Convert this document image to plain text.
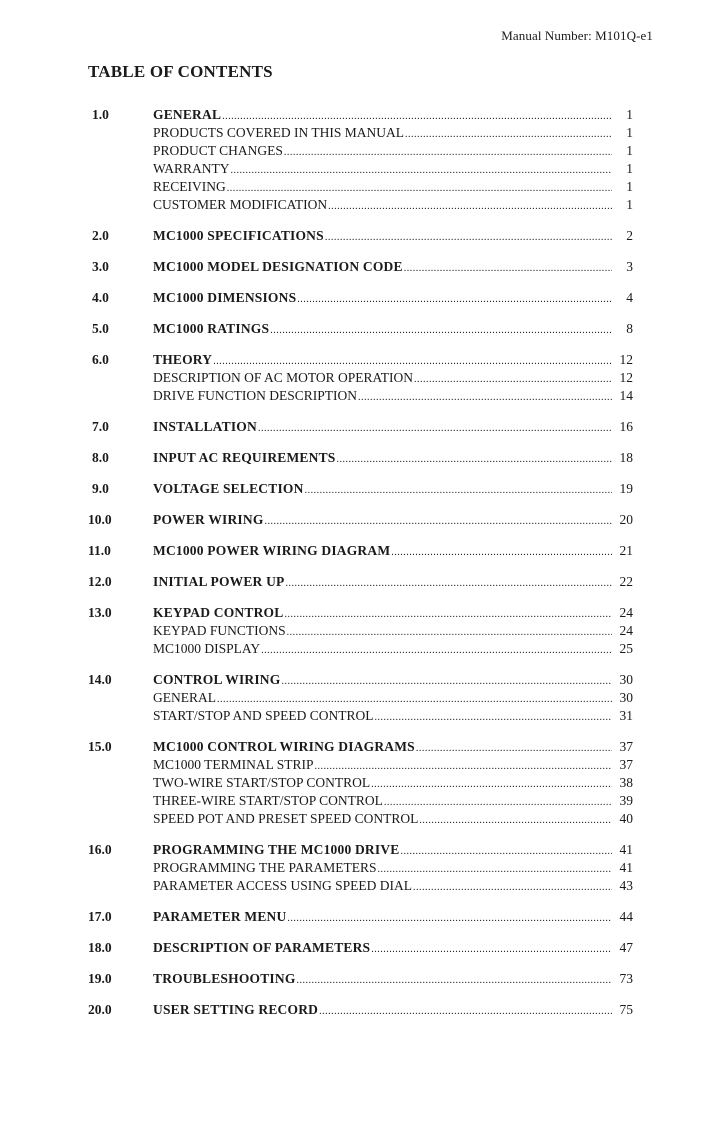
Manual Number: M101Q-e1
TABLE OF CONTENTS
1.0	GENERAL .....	1
PRODUCTS COVERED IN THIS MANUAL .....	1
PRODUCT CHANGES .....	1
WARRANTY .....	1
RECEIVING .....	1
CUSTOMER MODIFICATION .....	1
2.0	MC1000 SPECIFICATIONS .....	2
3.0	MC1000 MODEL DESIGNATION CODE .....	3
4.0	MC1000 DIMENSIONS .....	4
5.0	MC1000 RATINGS .....	8
6.0	THEORY .....	12
DESCRIPTION OF AC MOTOR OPERATION .....	12
DRIVE FUNCTION DESCRIPTION .....	14
7.0	INSTALLATION .....	16
8.0	INPUT AC REQUIREMENTS .....	18
9.0	VOLTAGE SELECTION .....	19
10.0	POWER WIRING .....	20
11.0	MC1000 POWER WIRING DIAGRAM .....	21
12.0	INITIAL POWER UP .....	22
13.0	KEYPAD CONTROL .....	24
KEYPAD FUNCTIONS .....	24
MC1000 DISPLAY .....	25
14.0	CONTROL WIRING .....	30
GENERAL .....	30
START/STOP AND SPEED CONTROL .....	31
15.0	MC1000 CONTROL WIRING DIAGRAMS .....	37
MC1000 TERMINAL STRIP .....	37
TWO-WIRE START/STOP CONTROL .....	38
THREE-WIRE START/STOP CONTROL .....	39
SPEED POT AND PRESET SPEED CONTROL .....	40
16.0	PROGRAMMING THE MC1000 DRIVE .....	41
PROGRAMMING THE PARAMETERS .....	41
PARAMETER ACCESS USING SPEED DIAL .....	43
17.0	PARAMETER MENU .....	44
18.0	DESCRIPTION OF PARAMETERS .....	47
19.0	TROUBLESHOOTING .....	73
20.0	USER SETTING RECORD .....	75
